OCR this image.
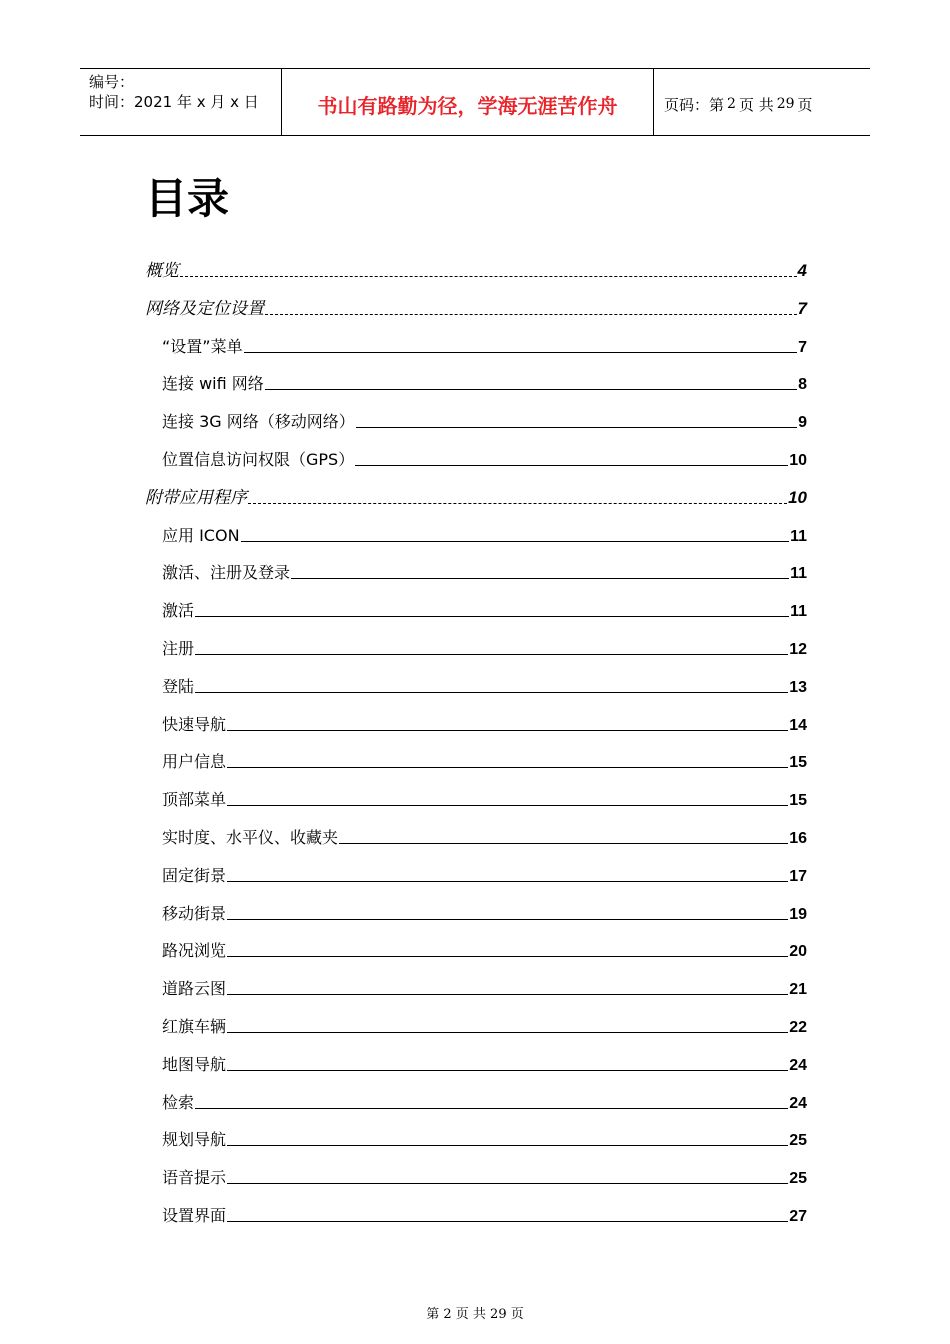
编号：
时间：2021 年 x 月 x 日	书山有路勤为径，学海无涯苦作舟	页码：第 2 页 共 29 页
目录
概览	4
网络及定位设置	7
“设置”菜单	7
连接 wifi 网络	8
连接 3G 网络（移动网络）	9
位置信息访问权限（GPS）	10
附带应用程序	10
应用 ICON	11
激活、注册及登录	11
激活	11
注册	12
登陆	13
快速导航	14
用户信息	15
顶部菜单	15
实时度、水平仪、收藏夹	16
固定街景	17
移动街景	19
路况浏览	20
道路云图	21
红旗车辆	22
地图导航	24
检索	24
规划导航	25
语音提示	25
设置界面	27
第 2 页 共 29 页
